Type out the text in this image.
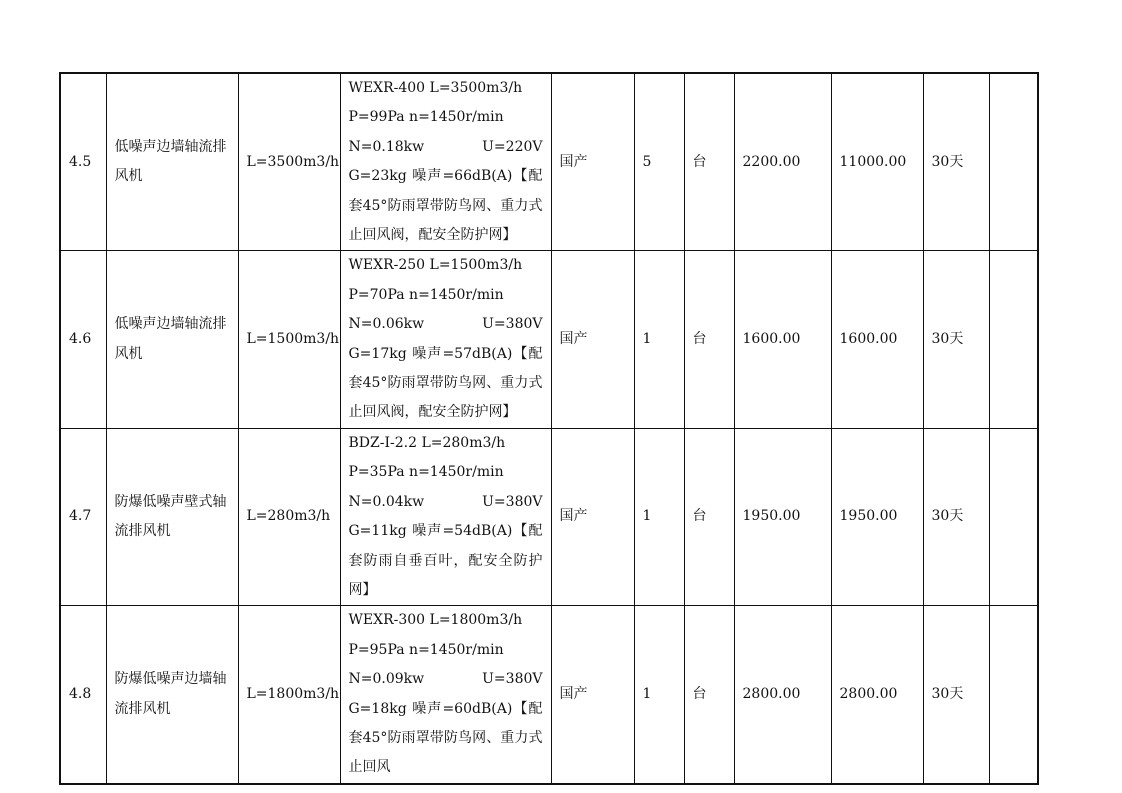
4.5	低噪声边墙轴流排风机	L=3500m3/h	WEXR-400 L=3500m3/h
P=99Pa n=1450r/min
N=0.18kw U=220V G=23kg 噪声=66dB(A)【配套45°防雨罩带防鸟网、重力式止回风阀，配安全防护网】	国产	5	台	2200.00	11000.00	30天	
4.6	低噪声边墙轴流排风机	L=1500m3/h	WEXR-250 L=1500m3/h
P=70Pa n=1450r/min
N=0.06kw U=380V G=17kg 噪声=57dB(A)【配套45°防雨罩带防鸟网、重力式止回风阀，配安全防护网】	国产	1	台	1600.00	1600.00	30天	
4.7	防爆低噪声壁式轴流排风机	L=280m3/h	BDZ-I-2.2 L=280m3/h
P=35Pa n=1450r/min
N=0.04kw U=380V G=11kg 噪声=54dB(A)【配套防雨自垂百叶，配安全防护网】	国产	1	台	1950.00	1950.00	30天	
4.8	防爆低噪声边墙轴流排风机	L=1800m3/h	WEXR-300 L=1800m3/h
P=95Pa n=1450r/min
N=0.09kw U=380V G=18kg 噪声=60dB(A)【配套45°防雨罩带防鸟网、重力式止回风	国产	1	台	2800.00	2800.00	30天	
